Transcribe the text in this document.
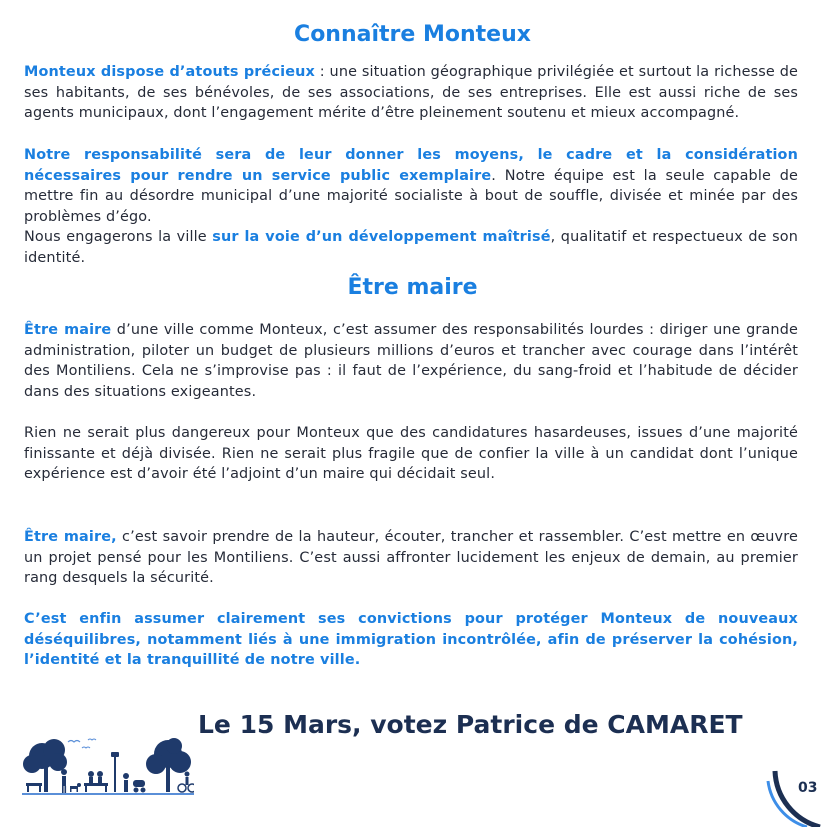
Connaître Monteux

Monteux dispose d’atouts précieux : une situation géographique privilégiée et surtout la richesse de ses habitants, de ses bénévoles, de ses associations, de ses entreprises. Elle est aussi riche de ses agents municipaux, dont l’engagement mérite d’être pleinement soutenu et mieux accompagné.

Notre responsabilité sera de leur donner les moyens, le cadre et la considération nécessaires pour rendre un service public exemplaire. Notre équipe est la seule capable de mettre fin au désordre municipal d’une majorité socialiste à bout de souffle, divisée et minée par des problèmes d’égo.

Nous engagerons la ville sur la voie d’un développement maîtrisé, qualitatif et respectueux de son identité.

Être maire

Être maire d’une ville comme Monteux, c’est assumer des responsabilités lourdes : diriger une grande administration, piloter un budget de plusieurs millions d’euros et trancher avec courage dans l’intérêt des Montiliens. Cela ne s’improvise pas : il faut de l’expérience, du sang-froid et l’habitude de décider dans des situations exigeantes.

Rien ne serait plus dangereux pour Monteux que des candidatures hasardeuses, issues d’une majorité finissante et déjà divisée. Rien ne serait plus fragile que de confier la ville à un candidat dont l’unique expérience est d’avoir été l’adjoint d’un maire qui décidait seul.

Être maire, c’est savoir prendre de la hauteur, écouter, trancher et rassembler. C’est mettre en œuvre un projet pensé pour les Montiliens. C’est aussi affronter lucidement les enjeux de demain, au premier rang desquels la sécurité.

C’est enfin assumer clairement ses convictions pour protéger Monteux de nouveaux déséquilibres, notamment liés à une immigration incontrôlée, afin de préserver la cohésion, l’identité et la tranquillité de notre ville.

Le 15 Mars, votez Patrice de CAMARET
03
